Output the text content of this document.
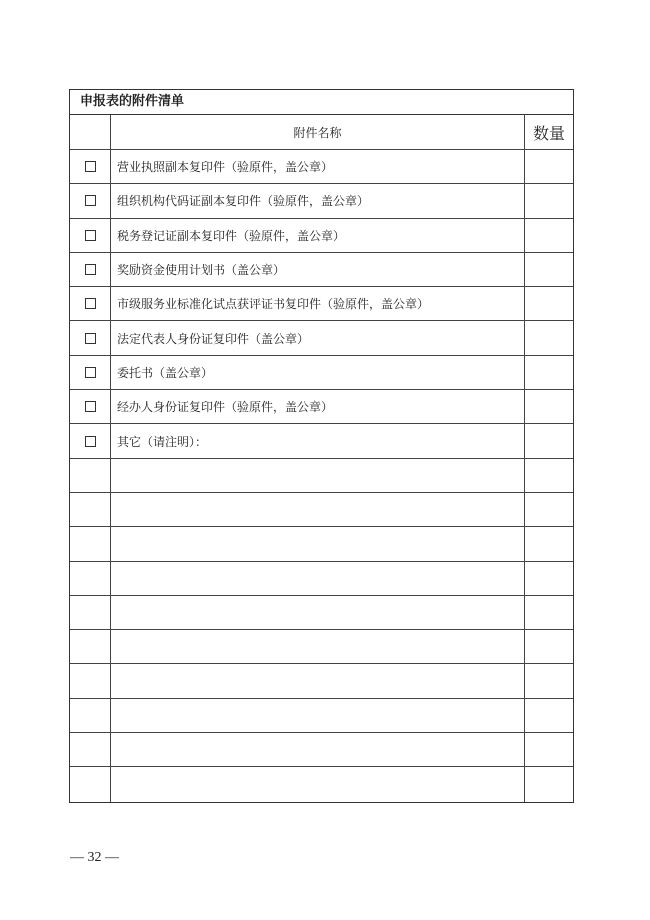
申报表的附件清单
附件名称	数量
营业执照副本复印件（验原件，盖公章）
组织机构代码证副本复印件（验原件，盖公章）
税务登记证副本复印件（验原件，盖公章）
奖励资金使用计划书（盖公章）
市级服务业标准化试点获评证书复印件（验原件，盖公章）
法定代表人身份证复印件（盖公章）
委托书（盖公章）
经办人身份证复印件（验原件，盖公章）
其它（请注明）：
— 32 —
